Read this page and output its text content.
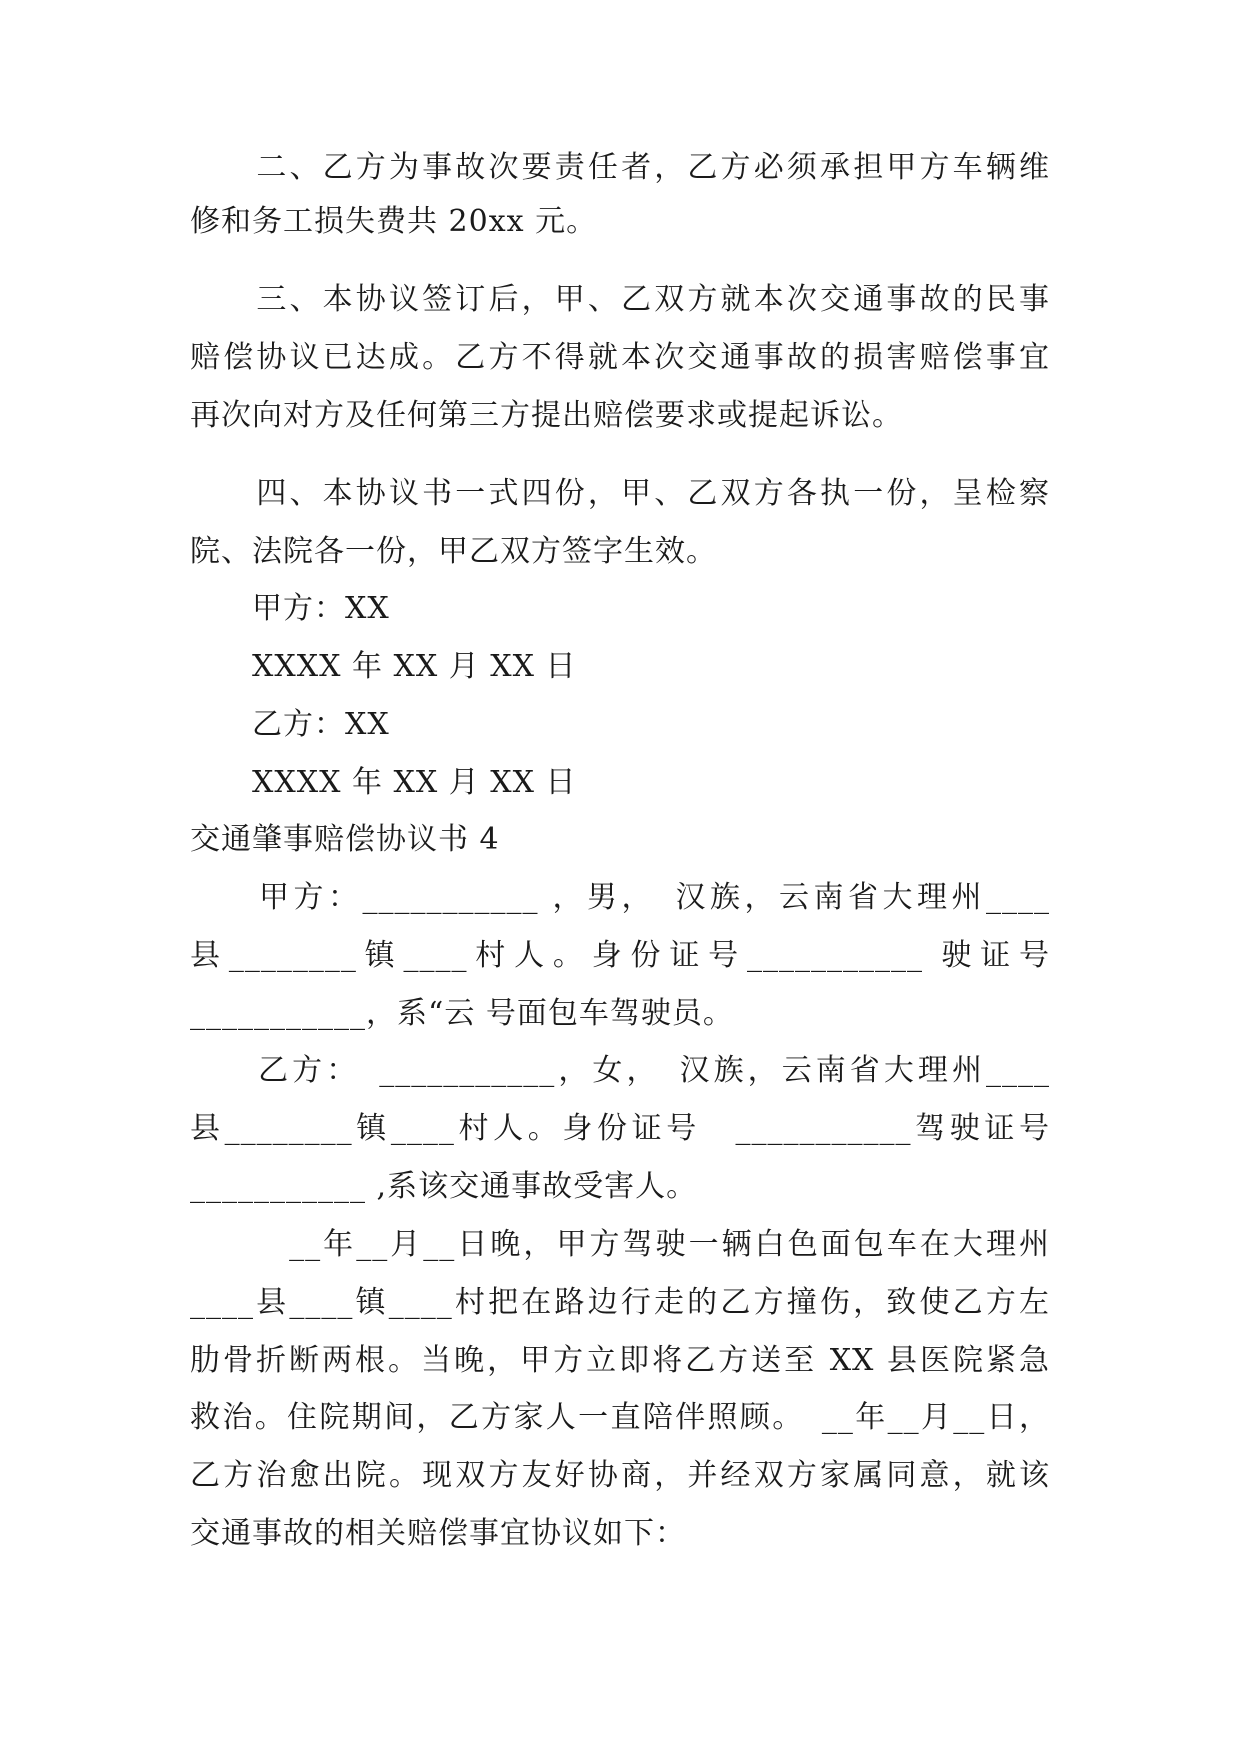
　　二、乙方为事故次要责任者，乙方必须承担甲方车辆维
修和务工损失费共 20xx 元。
　　三、本协议签订后，甲、乙双方就本次交通事故的民事
赔偿协议已达成。乙方不得就本次交通事故的损害赔偿事宜
再次向对方及任何第三方提出赔偿要求或提起诉讼。
　　四、本协议书一式四份，甲、乙双方各执一份，呈检察
院、法院各一份，甲乙双方签字生效。
　　甲方：XX
　　XXXX 年 XX 月 XX 日
　　乙方：XX
　　XXXX 年 XX 月 XX 日
交通肇事赔偿协议书 4
　　甲方：___________ ，男，　汉族，云南省大理州____
县________镇____村人。身份证号___________ 驶证号
___________，系“云 号面包车驾驶员。
　　乙方：　___________，女，　汉族，云南省大理州____
县________镇____村人。身份证号　___________驾驶证号
___________ ,系该交通事故受害人。
　　　__年__月__日晚，甲方驾驶一辆白色面包车在大理州
____县____镇____村把在路边行走的乙方撞伤，致使乙方左
肋骨折断两根。当晚，甲方立即将乙方送至 XX 县医院紧急
救治。住院期间，乙方家人一直陪伴照顾。　__年__月__日，
乙方治愈出院。现双方友好协商，并经双方家属同意，就该
交通事故的相关赔偿事宜协议如下：
